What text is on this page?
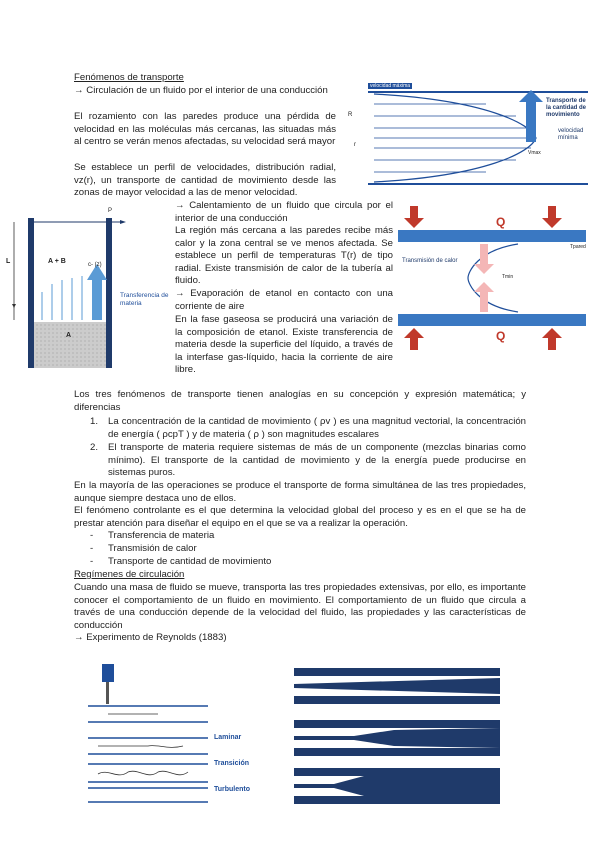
Fenómenos de transporte
→ Circulación de un fluido por el interior de una conducción
El rozamiento con las paredes produce una pérdida de velocidad en las moléculas más cercanas, las situadas más al centro se verán menos afectadas, su velocidad será mayor
Se establece un perfil de velocidades, distribución radial, vz(r), un transporte de cantidad de movimiento desde las zonas de mayor velocidad a las de menor velocidad.
→ Calentamiento de un fluido que circula por el interior de una conducción
La región más cercana a las paredes recibe más calor y la zona central se ve menos afectada. Se establece un perfil de temperaturas T(r) de tipo radial. Existe transmisión de calor de la tubería al fluido.
→ Evaporación de etanol en contacto con una corriente de aire
En la fase gaseosa se producirá una variación de la composición de etanol. Existe transferencia de materia desde la superficie del líquido, a través de la interfase gas-líquido, hacia la corriente de aire libre.
velocidad máxima
R
r
Transporte de la cantidad de movimiento
velocidad mínima
Vmax
L
P
A + B	c- (z)
Transferencia de materia
A
Q
Q
Transmisión de calor
Tpared
Tmin
Los tres fenómenos de transporte tienen analogías en su concepción y expresión matemática; y diferencias
1. La concentración de la cantidad de movimiento ( ρv ) es una magnitud vectorial, la concentración de energía ( ρcpT ) y de materia ( ρ ) son magnitudes escalares
2. El transporte de materia requiere sistemas de más de un componente (mezclas binarias como mínimo). El transporte de la cantidad de movimiento y de la energía puede producirse en sistemas puros.
En la mayoría de las operaciones se produce el transporte de forma simultánea de las tres propiedades, aunque siempre destaca uno de ellos.
El fenómeno controlante es el que determina la velocidad global del proceso y es en el que se ha de prestar atención para diseñar el equipo en el que se va a realizar la operación.
- Transferencia de materia
- Transmisión de calor
- Transporte de cantidad de movimiento
Regímenes de circulación
Cuando una masa de fluido se mueve, transporta las tres propiedades extensivas, por ello, es importante conocer el comportamiento de un fluido en movimiento. El comportamiento de un fluido que circula a través de una conducción depende de la velocidad del fluido, las propiedades y las características de conducción
→ Experimento de Reynolds (1883)
Laminar
Transición
Turbulento
